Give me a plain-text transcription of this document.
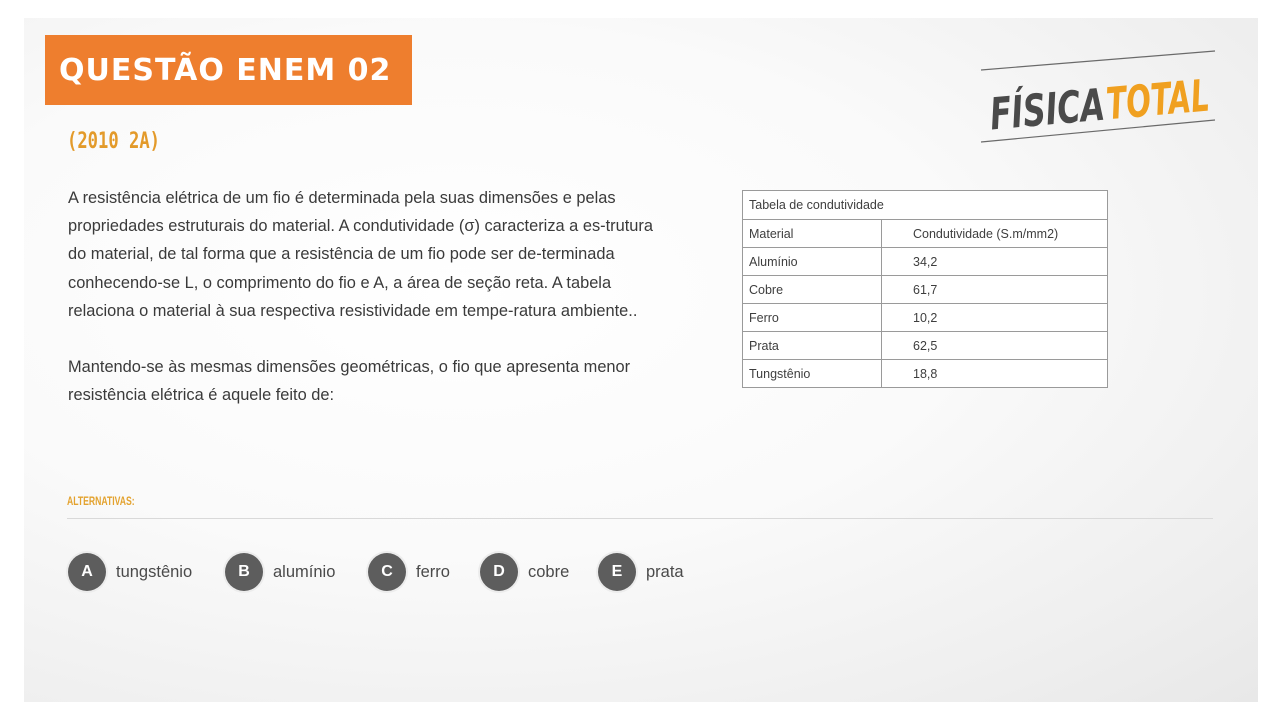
QUESTÃO ENEM 02
FÍSICA
TOTAL
(2010 2A)

A resistência elétrica de um fio é determinada pela suas dimensões e pelas propriedades estruturais do material. A condutividade (σ) caracteriza a es-trutura do material, de tal forma que a resistência de um fio pode ser de-terminada conhecendo-se L, o comprimento do fio e A, a área de seção reta. A tabela relaciona o material à sua respectiva resistividade em tempe-ratura ambiente..

Mantendo-se às mesmas dimensões geométricas, o fio que apresenta menor resistência elétrica é aquele feito de:

Tabela de condutividade	
Material	Condutividade (S.m/mm2)
Alumínio	34,2
Cobre	61,7
Ferro	10,2
Prata	62,5
Tungstênio	18,8
ALTERNATIVAS:
A	tungstênio	B	alumínio	C	ferro	D	cobre	E	prata
